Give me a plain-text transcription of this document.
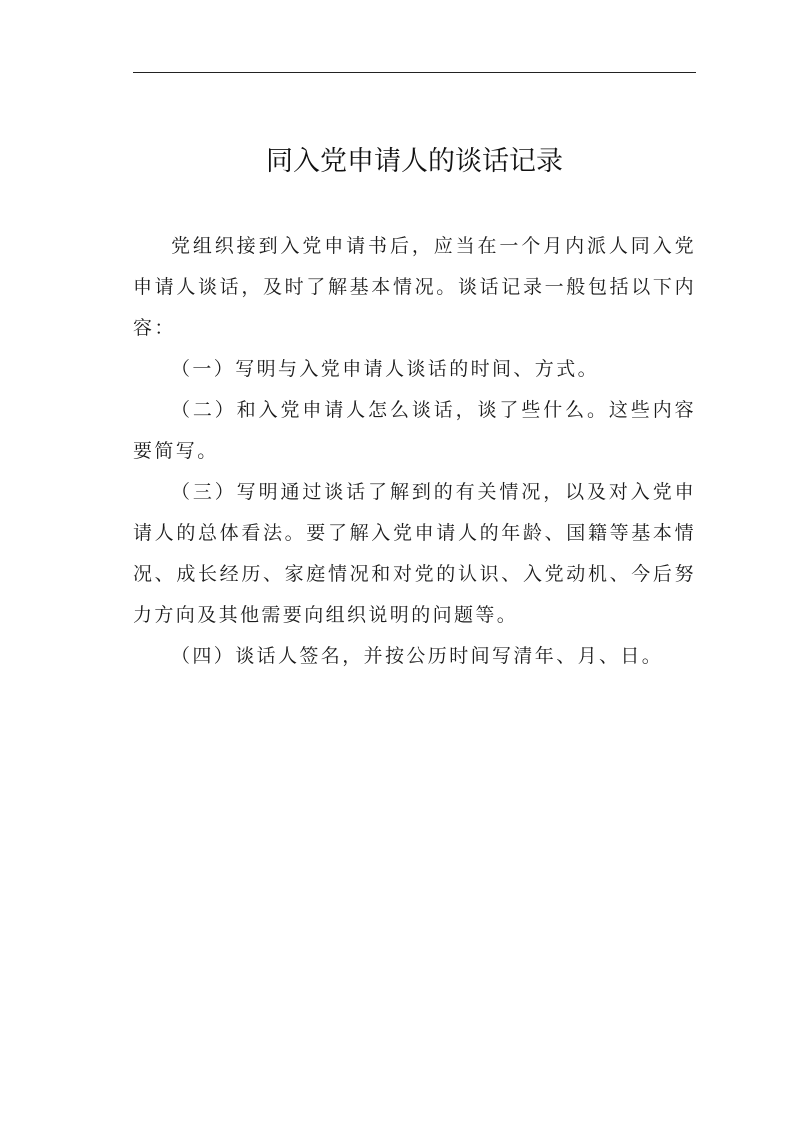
同入党申请人的谈话记录

党组织接到入党申请书后，应当在一个月内派人同入党申请人谈话，及时了解基本情况。谈话记录一般包括以下内容：

（一）写明与入党申请人谈话的时间、方式。

（二）和入党申请人怎么谈话，谈了些什么。这些内容要简写。

（三）写明通过谈话了解到的有关情况，以及对入党申请人的总体看法。要了解入党申请人的年龄、国籍等基本情况、成长经历、家庭情况和对党的认识、入党动机、今后努力方向及其他需要向组织说明的问题等。

（四）谈话人签名，并按公历时间写清年、月、日。
